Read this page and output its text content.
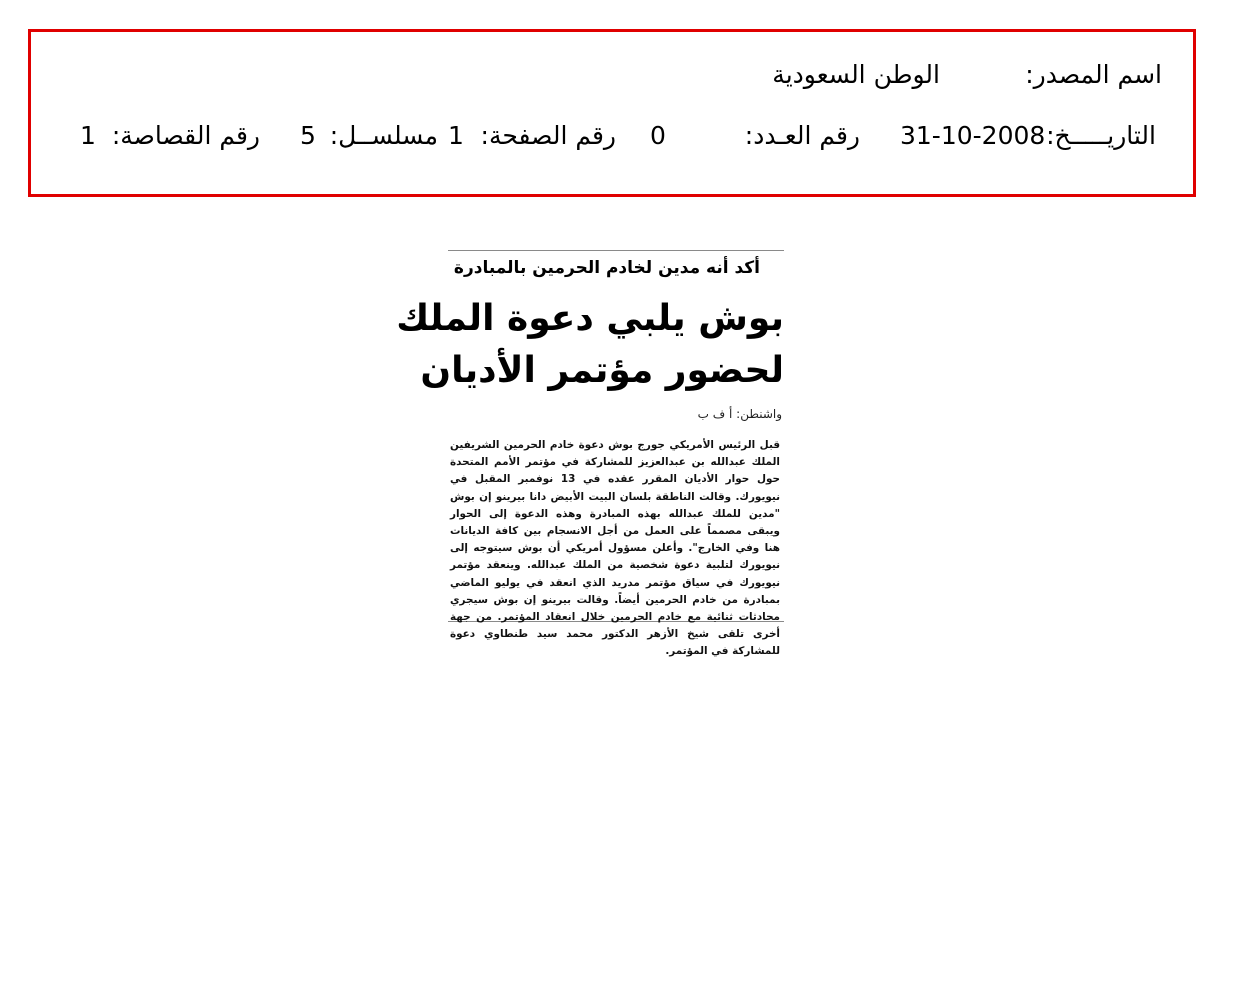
اسم المصدر:
الوطن السعودية
التاريـــــخ:
31-10-2008
رقم العـدد:
0
رقم الصفحة:
1
مسلســل:
5
رقم القصاصة:
1
أكد أنه مدين لخادم الحرمين بالمبادرة
بوش يلبي دعوة الملك
لحضور مؤتمر الأديان
واشنطن: أ ف ب
قبل الرئيس الأمريكي جورج بوش دعوة خادم الحرمين الشريفين الملك عبدالله بن عبدالعزيز للمشاركة في مؤتمر الأمم المتحدة حول حوار الأديان المقرر عقده في 13 نوفمبر المقبل في نيويورك. وقالت الناطقة بلسان البيت الأبيض دانا بيرينو إن بوش "مدين للملك عبدالله بهذه المبادرة وهذه الدعوة إلى الحوار ويبقى مصمماً على العمل من أجل الانسجام بين كافة الديانات هنا وفي الخارج". وأعلن مسؤول أمريكي أن بوش سيتوجه إلى نيويورك لتلبية دعوة شخصية من الملك عبدالله. وينعقد مؤتمر نيويورك في سياق مؤتمر مدريد الذي انعقد في يوليو الماضي بمبادرة من خادم الحرمين أيضاً. وقالت بيرينو إن بوش سيجري محادثات ثنائية مع خادم الحرمين خلال انعقاد المؤتمر. من جهة أخرى تلقى شيخ الأزهر الدكتور محمد سيد طنطاوي دعوة للمشاركة في المؤتمر.
